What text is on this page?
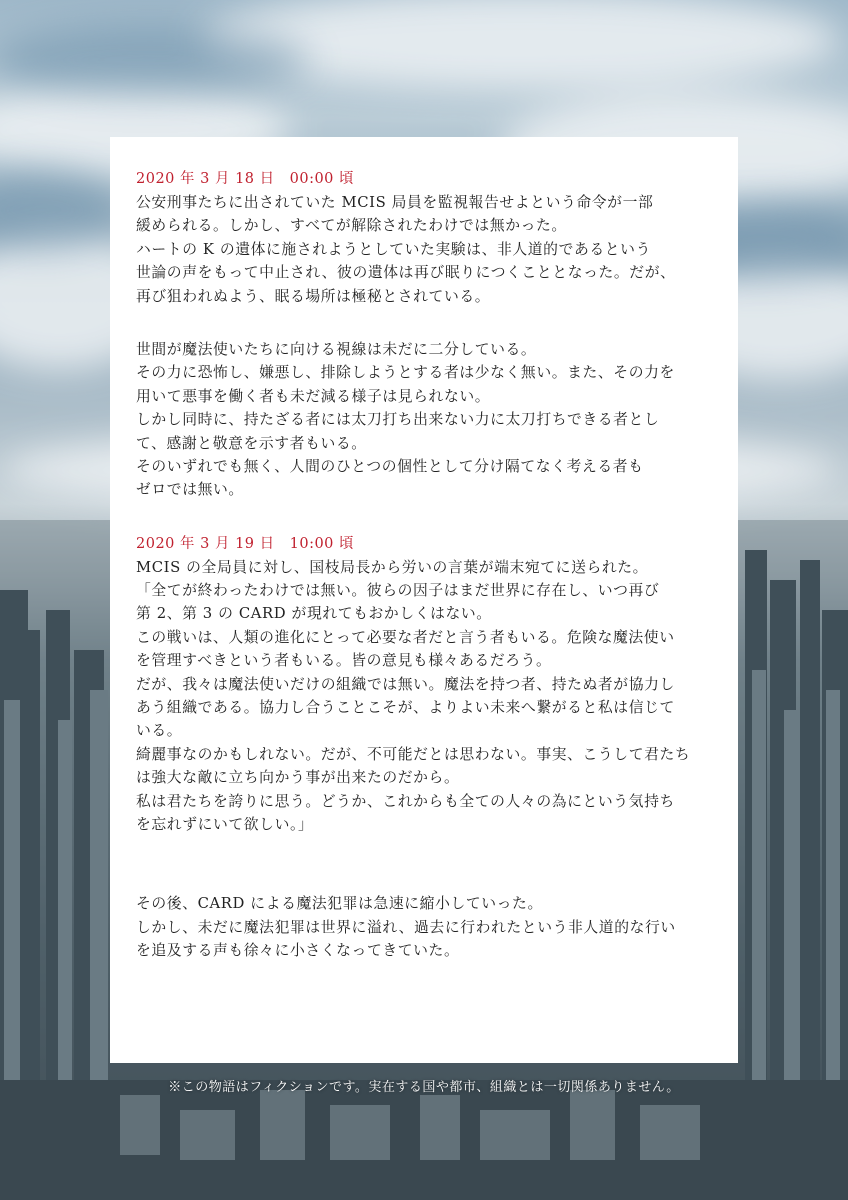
2020 年 3 月 18 日　00:00 頃
公安刑事たちに出されていた MCIS 局員を監視報告せよという命令が一部
緩められる。しかし、すべてが解除されたわけでは無かった。
ハートの K の遺体に施されようとしていた実験は、非人道的であるという
世論の声をもって中止され、彼の遺体は再び眠りにつくこととなった。だが、
再び狙われぬよう、眠る場所は極秘とされている。
世間が魔法使いたちに向ける視線は未だに二分している。
その力に恐怖し、嫌悪し、排除しようとする者は少なく無い。また、その力を
用いて悪事を働く者も未だ減る様子は見られない。
しかし同時に、持たざる者には太刀打ち出来ない力に太刀打ちできる者とし
て、感謝と敬意を示す者もいる。
そのいずれでも無く、人間のひとつの個性として分け隔てなく考える者も
ゼロでは無い。
2020 年 3 月 19 日　10:00 頃
MCIS の全局員に対し、国枝局長から労いの言葉が端末宛てに送られた。
「全てが終わったわけでは無い。彼らの因子はまだ世界に存在し、いつ再び
第 2、第 3 の CARD が現れてもおかしくはない。
この戦いは、人類の進化にとって必要な者だと言う者もいる。危険な魔法使い
を管理すべきという者もいる。皆の意見も様々あるだろう。
だが、我々は魔法使いだけの組織では無い。魔法を持つ者、持たぬ者が協力し
あう組織である。協力し合うことこそが、よりよい未来へ繋がると私は信じて
いる。
綺麗事なのかもしれない。だが、不可能だとは思わない。事実、こうして君たち
は強大な敵に立ち向かう事が出来たのだから。
私は君たちを誇りに思う。どうか、これからも全ての人々の為にという気持ち
を忘れずにいて欲しい。」
その後、CARD による魔法犯罪は急速に縮小していった。
しかし、未だに魔法犯罪は世界に溢れ、過去に行われたという非人道的な行い
を追及する声も徐々に小さくなってきていた。
※この物語はフィクションです。実在する国や都市、組織とは一切関係ありません。
